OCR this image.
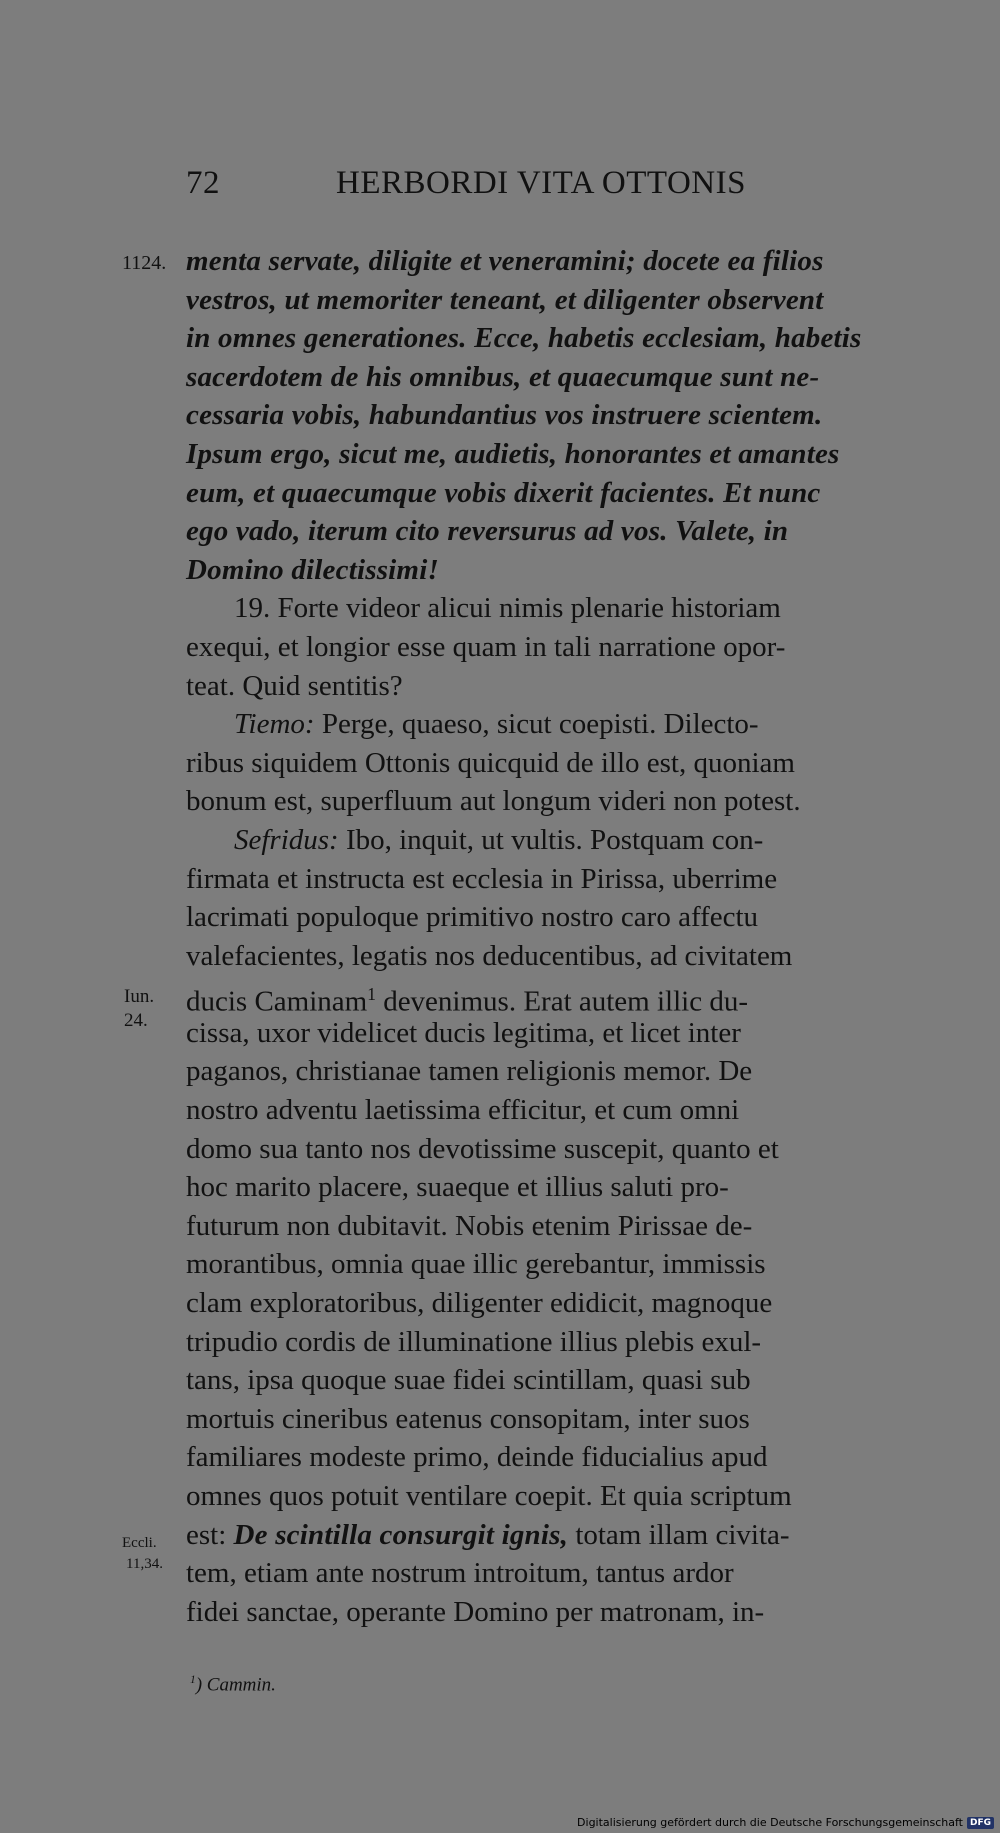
72	HERBORDI VITA OTTONIS
1124.
Iun.
24.
Eccli.
11,34.
menta servate, diligite et veneramini; docete ea filios
vestros, ut memoriter teneant, et diligenter observent
in omnes generationes. Ecce, habetis ecclesiam, habetis
sacerdotem de his omnibus, et quaecumque sunt ne-
cessaria vobis, habundantius vos instruere scientem.
Ipsum ergo, sicut me, audietis, honorantes et amantes
eum, et quaecumque vobis dixerit facientes. Et nunc
ego vado, iterum cito reversurus ad vos. Valete, in
Domino dilectissimi!
19. Forte videor alicui nimis plenarie historiam
exequi, et longior esse quam in tali narratione opor-
teat. Quid sentitis?
Tiemo: Perge, quaeso, sicut coepisti. Dilecto-
ribus siquidem Ottonis quicquid de illo est, quoniam
bonum est, superfluum aut longum videri non potest.
Sefridus: Ibo, inquit, ut vultis. Postquam con-
firmata et instructa est ecclesia in Pirissa, uberrime
lacrimati populoque primitivo nostro caro affectu
valefacientes, legatis nos deducentibus, ad civitatem
ducis Caminam$^1$ devenimus. Erat autem illic du-
cissa, uxor videlicet ducis legitima, et licet inter
paganos, christianae tamen religionis memor. De
nostro adventu laetissima efficitur, et cum omni
domo sua tanto nos devotissime suscepit, quanto et
hoc marito placere, suaeque et illius saluti pro-
futurum non dubitavit. Nobis etenim Pirissae de-
morantibus, omnia quae illic gerebantur, immissis
clam exploratoribus, diligenter edidicit, magnoque
tripudio cordis de illuminatione illius plebis exul-
tans, ipsa quoque suae fidei scintillam, quasi sub
mortuis cineribus eatenus consopitam, inter suos
familiares modeste primo, deinde fiducialius apud
omnes quos potuit ventilare coepit. Et quia scriptum
est: De scintilla consurgit ignis, totam illam civita-
tem, etiam ante nostrum introitum, tantus ardor
fidei sanctae, operante Domino per matronam, in-
$^1$) Cammin.
Digitalisierung gefördert durch die Deutsche Forschungsgemeinschaft DFG
